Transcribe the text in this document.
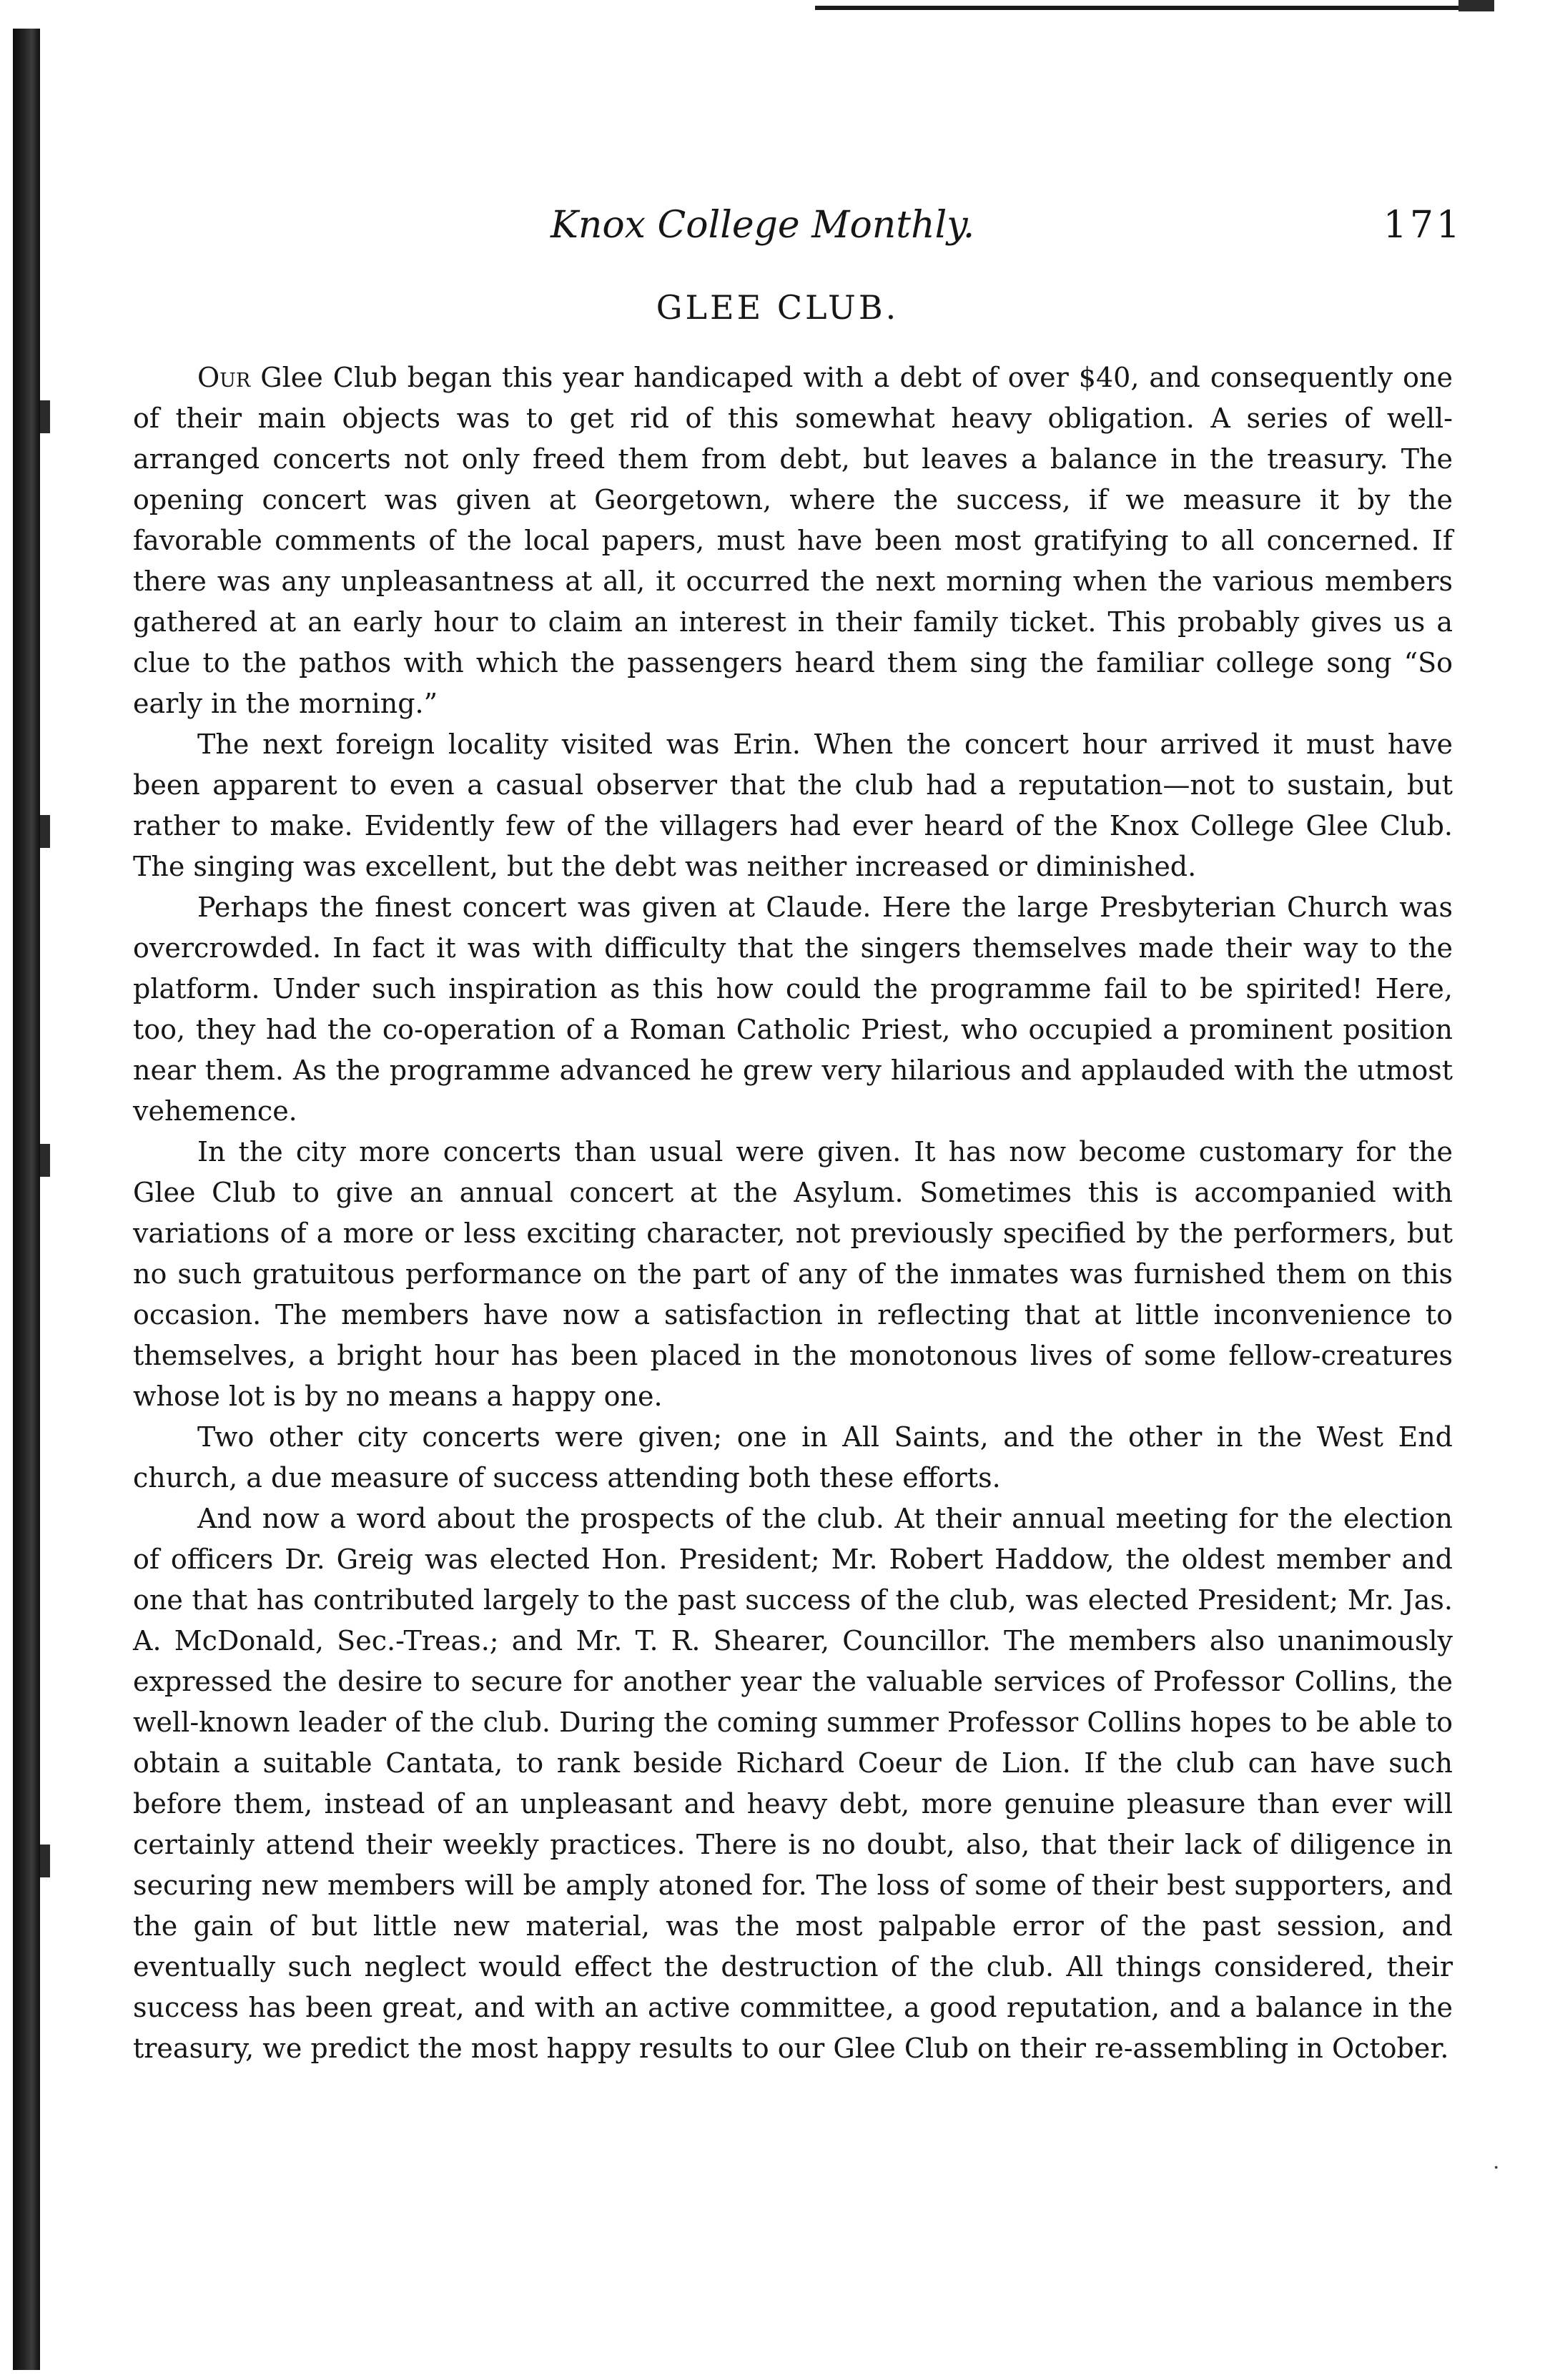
Knox College Monthly.	171
GLEE CLUB.

Our Glee Club began this year handicaped with a debt of over $40, and consequently one of their main objects was to get rid of this somewhat heavy obligation. A series of well-arranged concerts not only freed them from debt, but leaves a balance in the treasury. The opening concert was given at Georgetown, where the success, if we measure it by the favorable comments of the local papers, must have been most gratifying to all concerned. If there was any unpleasantness at all, it occurred the next morning when the various members gathered at an early hour to claim an interest in their family ticket. This probably gives us a clue to the pathos with which the passengers heard them sing the familiar college song “So early in the morning.”

The next foreign locality visited was Erin. When the concert hour arrived it must have been apparent to even a casual observer that the club had a reputation—not to sustain, but rather to make. Evidently few of the villagers had ever heard of the Knox College Glee Club. The singing was excellent, but the debt was neither increased or diminished.

Perhaps the finest concert was given at Claude. Here the large Presbyterian Church was overcrowded. In fact it was with difficulty that the singers themselves made their way to the platform. Under such inspiration as this how could the programme fail to be spirited! Here, too, they had the co-operation of a Roman Catholic Priest, who occupied a prominent position near them. As the programme advanced he grew very hilarious and applauded with the utmost vehemence.

In the city more concerts than usual were given. It has now become customary for the Glee Club to give an annual concert at the Asylum. Sometimes this is accompanied with variations of a more or less exciting character, not previously specified by the performers, but no such gratuitous performance on the part of any of the inmates was furnished them on this occasion. The members have now a satisfaction in reflecting that at little inconvenience to themselves, a bright hour has been placed in the monotonous lives of some fellow-creatures whose lot is by no means a happy one.

Two other city concerts were given; one in All Saints, and the other in the West End church, a due measure of success attending both these efforts.

And now a word about the prospects of the club. At their annual meeting for the election of officers Dr. Greig was elected Hon. President; Mr. Robert Haddow, the oldest member and one that has contributed largely to the past success of the club, was elected President; Mr. Jas. A. McDonald, Sec.-Treas.; and Mr. T. R. Shearer, Councillor. The members also unanimously expressed the desire to secure for another year the valuable services of Professor Collins, the well-known leader of the club. During the coming summer Professor Collins hopes to be able to obtain a suitable Cantata, to rank beside Richard Coeur de Lion. If the club can have such before them, instead of an unpleasant and heavy debt, more genuine pleasure than ever will certainly attend their weekly practices. There is no doubt, also, that their lack of diligence in securing new members will be amply atoned for. The loss of some of their best supporters, and the gain of but little new material, was the most palpable error of the past session, and eventually such neglect would effect the destruction of the club. All things considered, their success has been great, and with an active committee, a good reputation, and a balance in the treasury, we predict the most happy results to our Glee Club on their re-assembling in October.

·
